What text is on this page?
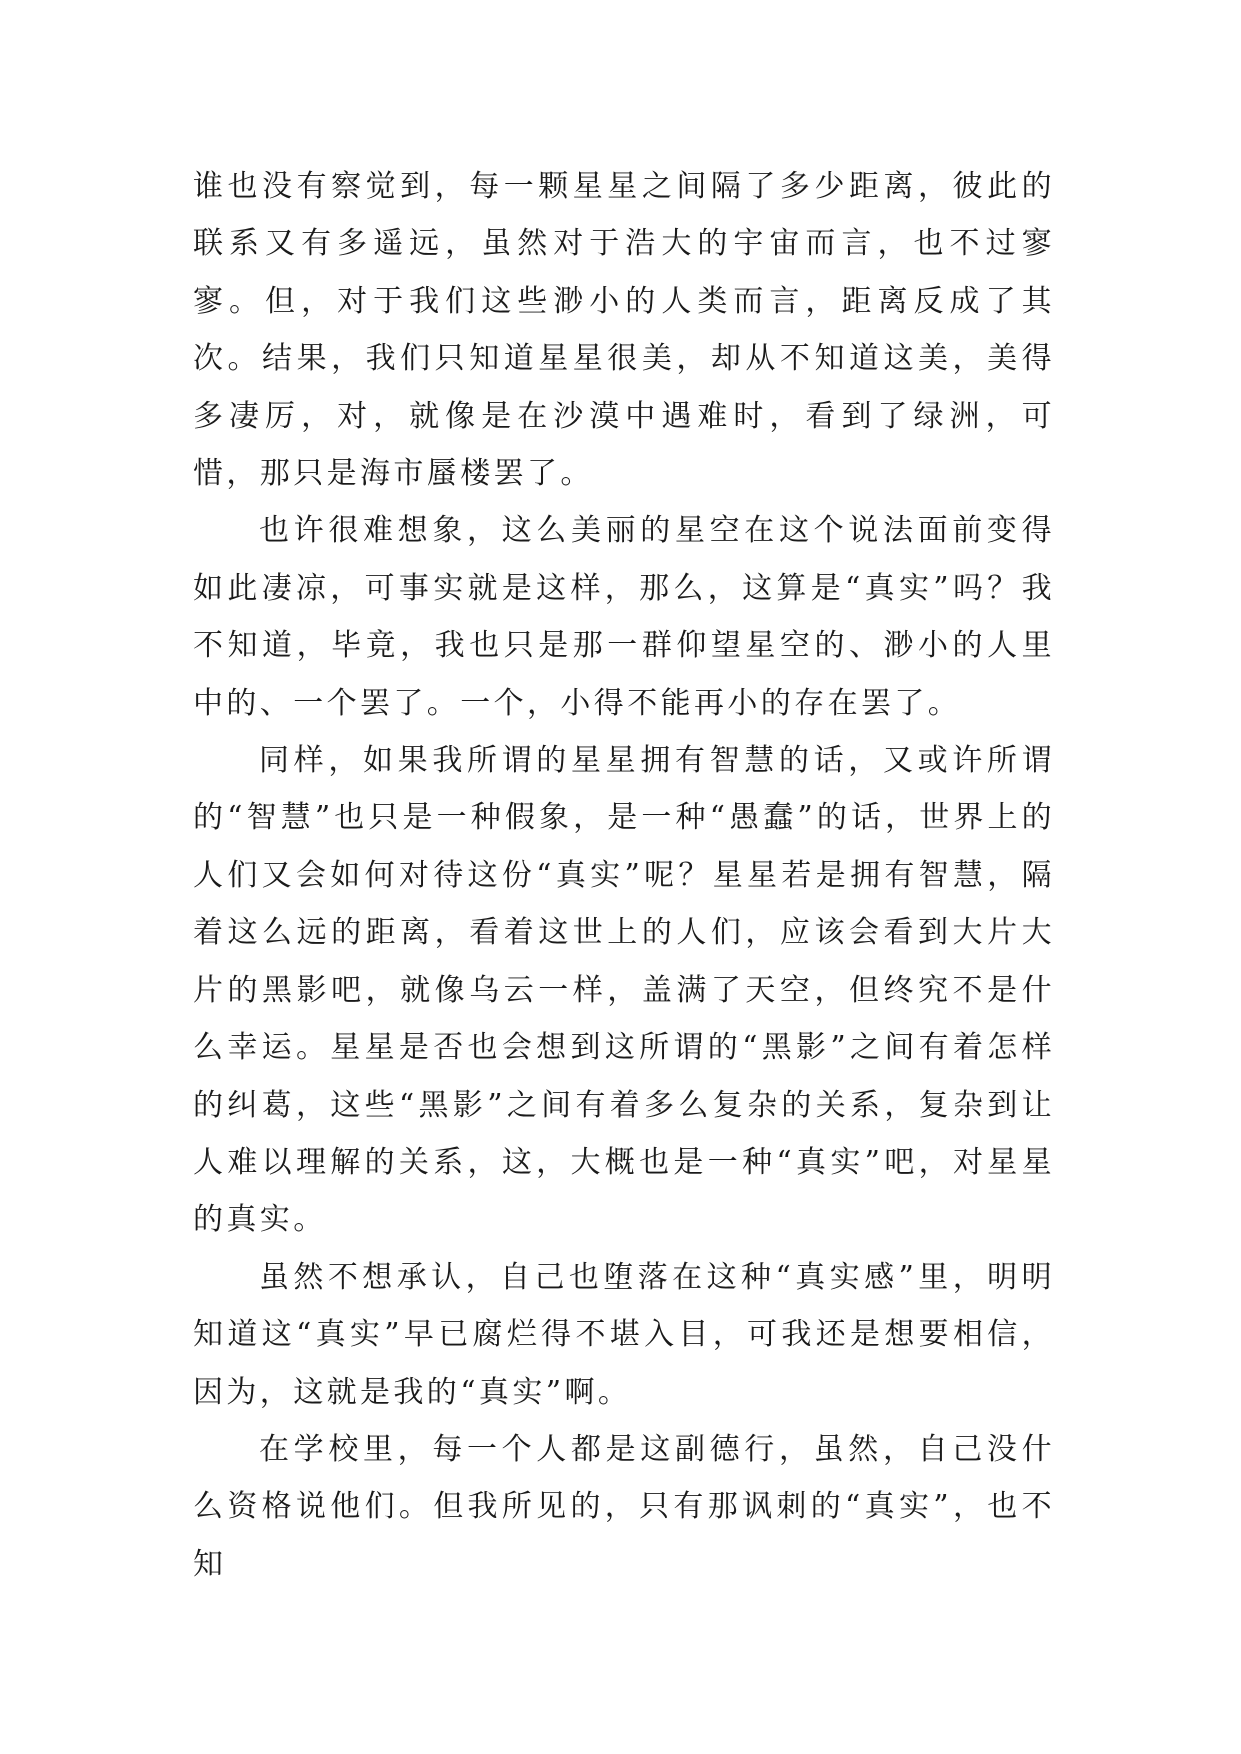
谁也没有察觉到，每一颗星星之间隔了多少距离，彼此的联系又有多遥远，虽然对于浩大的宇宙而言，也不过寥寥。但，对于我们这些渺小的人类而言，距离反成了其次。结果，我们只知道星星很美，却从不知道这美，美得多凄厉，对，就像是在沙漠中遇难时，看到了绿洲，可惜，那只是海市蜃楼罢了。

也许很难想象，这么美丽的星空在这个说法面前变得如此凄凉，可事实就是这样，那么，这算是“真实”吗？我不知道，毕竟，我也只是那一群仰望星空的、渺小的人里中的、一个罢了。一个，小得不能再小的存在罢了。

同样，如果我所谓的星星拥有智慧的话，又或许所谓的“智慧”也只是一种假象，是一种“愚蠢”的话，世界上的人们又会如何对待这份“真实”呢？星星若是拥有智慧，隔着这么远的距离，看着这世上的人们，应该会看到大片大片的黑影吧，就像乌云一样，盖满了天空，但终究不是什么幸运。星星是否也会想到这所谓的“黑影”之间有着怎样的纠葛，这些“黑影”之间有着多么复杂的关系，复杂到让人难以理解的关系，这，大概也是一种“真实”吧，对星星的真实。

虽然不想承认，自己也堕落在这种“真实感”里，明明知道这“真实”早已腐烂得不堪入目，可我还是想要相信，因为，这就是我的“真实”啊。

在学校里，每一个人都是这副德行，虽然，自己没什么资格说他们。但我所见的，只有那讽刺的“真实”，也不知
